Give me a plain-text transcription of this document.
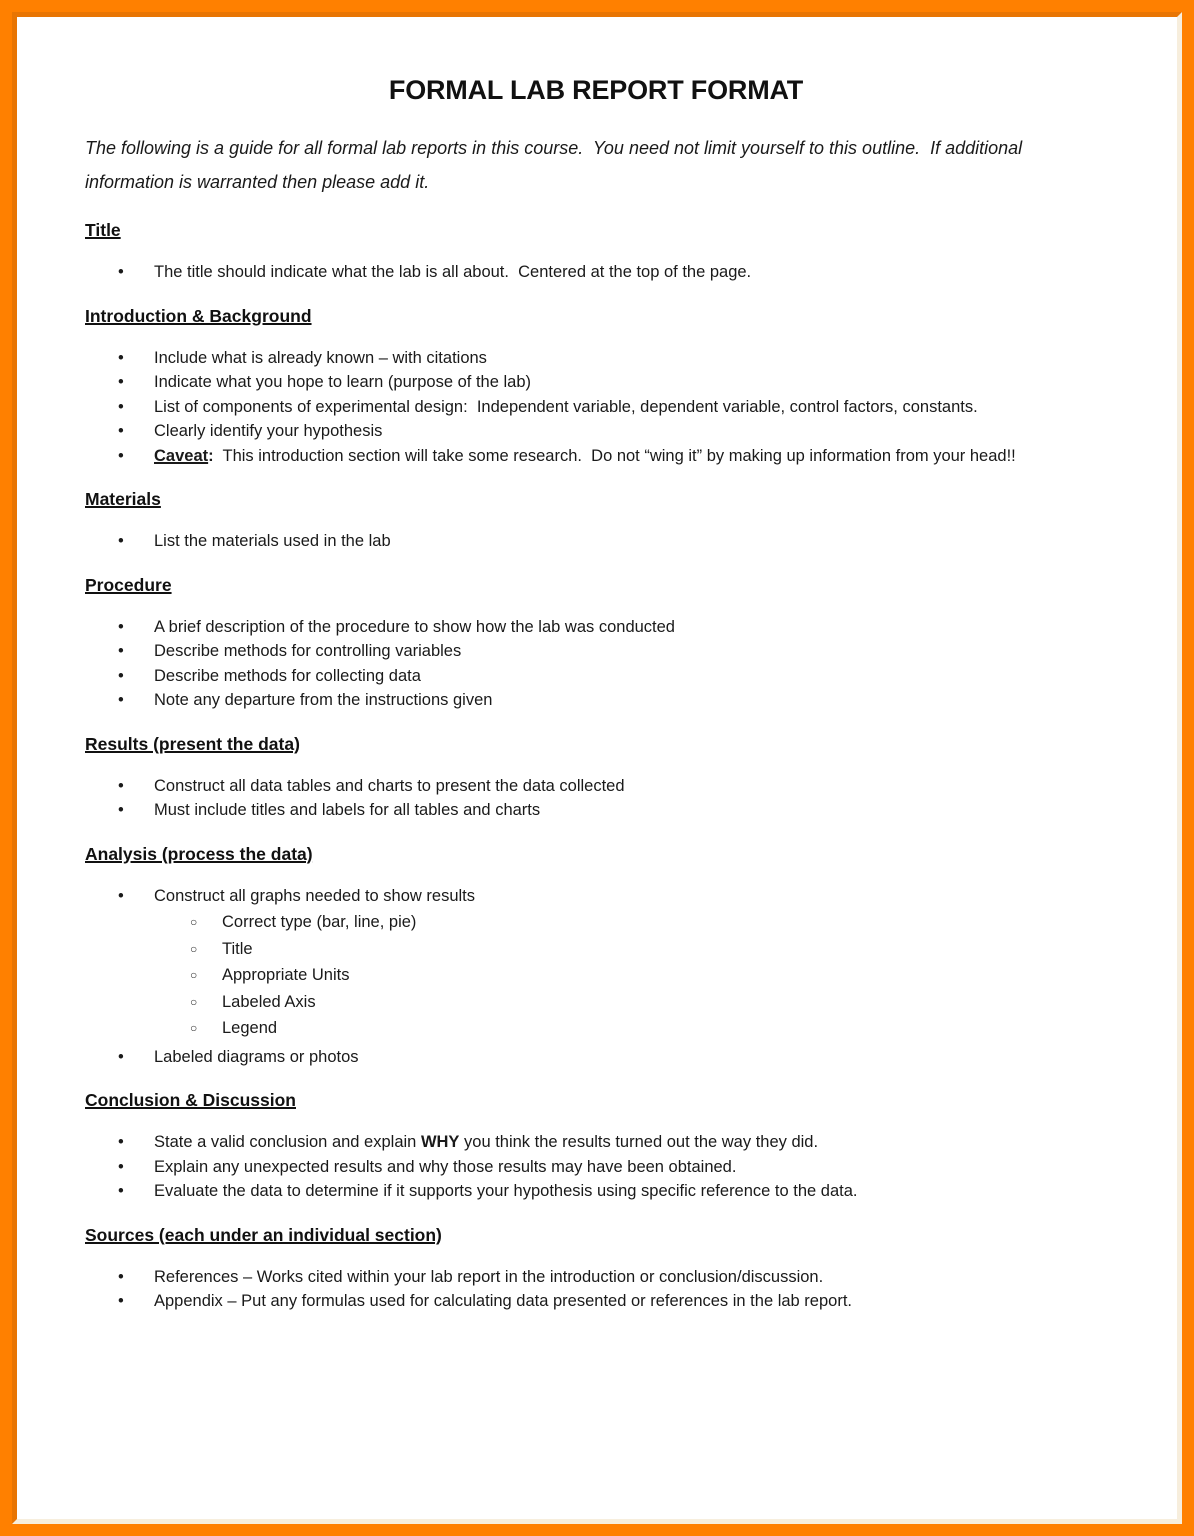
FORMAL LAB REPORT FORMAT

The following is a guide for all formal lab reports in this course.  You need not limit yourself to this outline.  If additional information is warranted then please add it.

Title
• The title should indicate what the lab is all about.  Centered at the top of the page.
Introduction & Background
• Include what is already known – with citations
• Indicate what you hope to learn (purpose of the lab)
• List of components of experimental design:  Independent variable, dependent variable, control factors, constants.
• Clearly identify your hypothesis
• Caveat:  This introduction section will take some research.  Do not “wing it” by making up information from your head!!
Materials
• List the materials used in the lab
Procedure
• A brief description of the procedure to show how the lab was conducted
• Describe methods for controlling variables
• Describe methods for collecting data
• Note any departure from the instructions given
Results (present the data)
• Construct all data tables and charts to present the data collected
• Must include titles and labels for all tables and charts
Analysis (process the data)
• Construct all graphs needed to show results
○ Correct type (bar, line, pie)
○ Title
○ Appropriate Units
○ Labeled Axis
○ Legend
• Labeled diagrams or photos
Conclusion & Discussion
• State a valid conclusion and explain WHY you think the results turned out the way they did.
• Explain any unexpected results and why those results may have been obtained.
• Evaluate the data to determine if it supports your hypothesis using specific reference to the data.
Sources (each under an individual section)
• References – Works cited within your lab report in the introduction or conclusion/discussion.
• Appendix – Put any formulas used for calculating data presented or references in the lab report.
